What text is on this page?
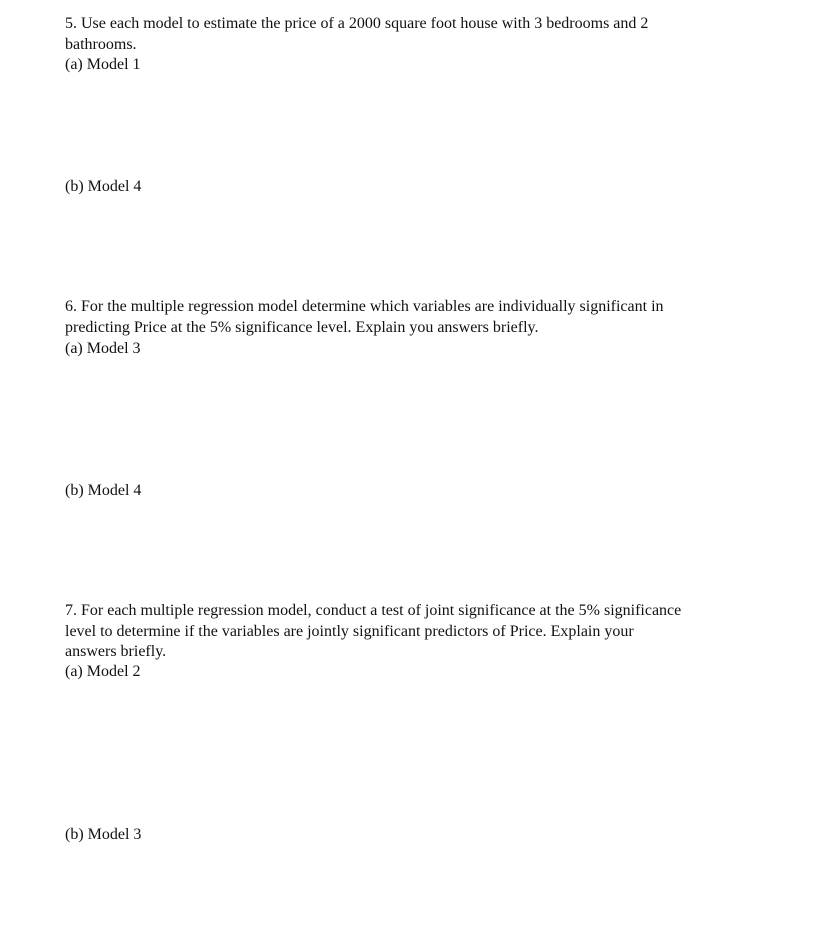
5. Use each model to estimate the price of a 2000 square foot house with 3 bedrooms and 2
bathrooms.
(a) Model 1
(b) Model 4
6. For the multiple regression model determine which variables are individually significant in
predicting Price at the 5% significance level. Explain you answers briefly.
(a) Model 3
(b) Model 4
7. For each multiple regression model, conduct a test of joint significance at the 5% significance
level to determine if the variables are jointly significant predictors of Price. Explain your
answers briefly.
(a) Model 2
(b) Model 3
